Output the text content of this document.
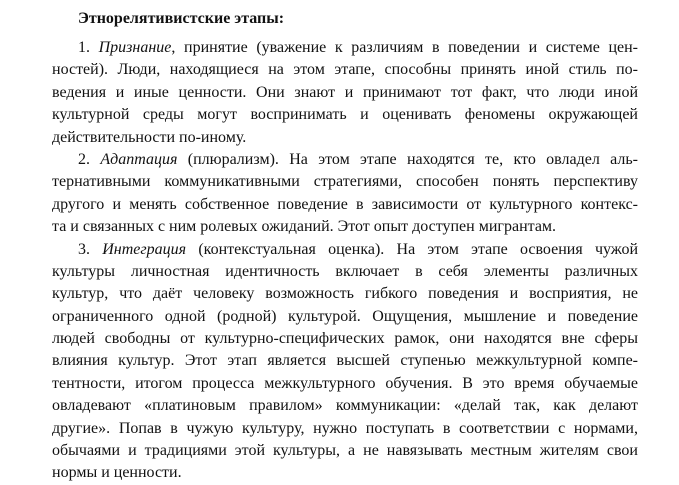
Этнорелятивистские этапы:
1. Признание, принятие (уважение к различиям в поведении и системе цен-
ностей). Люди, находящиеся на этом этапе, способны принять иной стиль по-
ведения и иные ценности. Они знают и принимают тот факт, что люди иной
культурной среды могут воспринимать и оценивать феномены окружающей
действительности по-иному.
2. Адаптация (плюрализм). На этом этапе находятся те, кто овладел аль-
тернативными коммуникативными стратегиями, способен понять перспективу
другого и менять собственное поведение в зависимости от культурного контекс-
та и связанных с ним ролевых ожиданий. Этот опыт доступен мигрантам.
3. Интеграция (контекстуальная оценка). На этом этапе освоения чужой
культуры личностная идентичность включает в себя элементы различных
культур, что даёт человеку возможность гибкого поведения и восприятия, не
ограниченного одной (родной) культурой. Ощущения, мышление и поведение
людей свободны от культурно-специфических рамок, они находятся вне сферы
влияния культур. Этот этап является высшей ступенью межкультурной компе-
тентности, итогом процесса межкультурного обучения. В это время обучаемые
овладевают «платиновым правилом» коммуникации: «делай так, как делают
другие». Попав в чужую культуру, нужно поступать в соответствии с нормами,
обычаями и традициями этой культуры, а не навязывать местным жителям свои
нормы и ценности.
